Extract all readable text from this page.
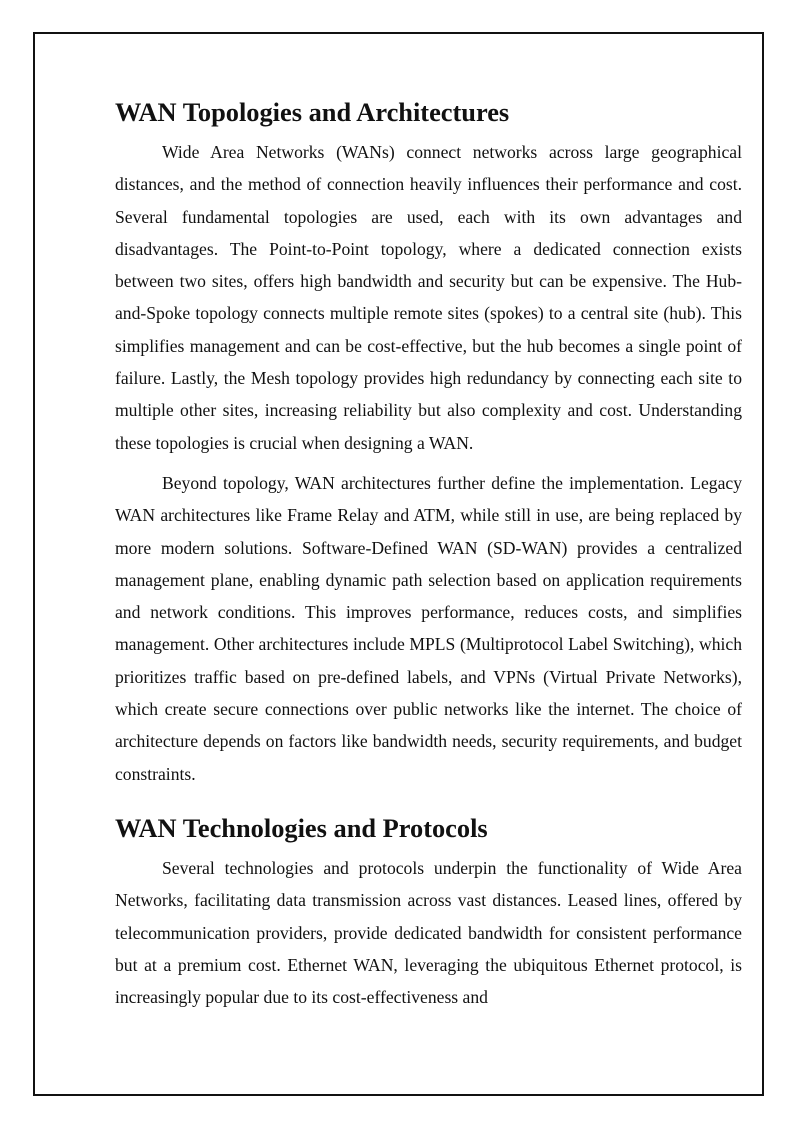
WAN Topologies and Architectures

Wide Area Networks (WANs) connect networks across large geographical distances, and the method of connection heavily influences their performance and cost. Several fundamental topologies are used, each with its own advantages and disadvantages. The Point-to-Point topology, where a dedicated connection exists between two sites, offers high bandwidth and security but can be expensive. The Hub-and-Spoke topology connects multiple remote sites (spokes) to a central site (hub). This simplifies management and can be cost-effective, but the hub becomes a single point of failure. Lastly, the Mesh topology provides high redundancy by connecting each site to multiple other sites, increasing reliability but also complexity and cost. Understanding these topologies is crucial when designing a WAN.

Beyond topology, WAN architectures further define the implementation. Legacy WAN architectures like Frame Relay and ATM, while still in use, are being replaced by more modern solutions. Software-Defined WAN (SD-WAN) provides a centralized management plane, enabling dynamic path selection based on application requirements and network conditions. This improves performance, reduces costs, and simplifies management. Other architectures include MPLS (Multiprotocol Label Switching), which prioritizes traffic based on pre-defined labels, and VPNs (Virtual Private Networks), which create secure connections over public networks like the internet. The choice of architecture depends on factors like bandwidth needs, security requirements, and budget constraints.

WAN Technologies and Protocols

Several technologies and protocols underpin the functionality of Wide Area Networks, facilitating data transmission across vast distances. Leased lines, offered by telecommunication providers, provide dedicated bandwidth for consistent performance but at a premium cost. Ethernet WAN, leveraging the ubiquitous Ethernet protocol, is increasingly popular due to its cost-effectiveness and
